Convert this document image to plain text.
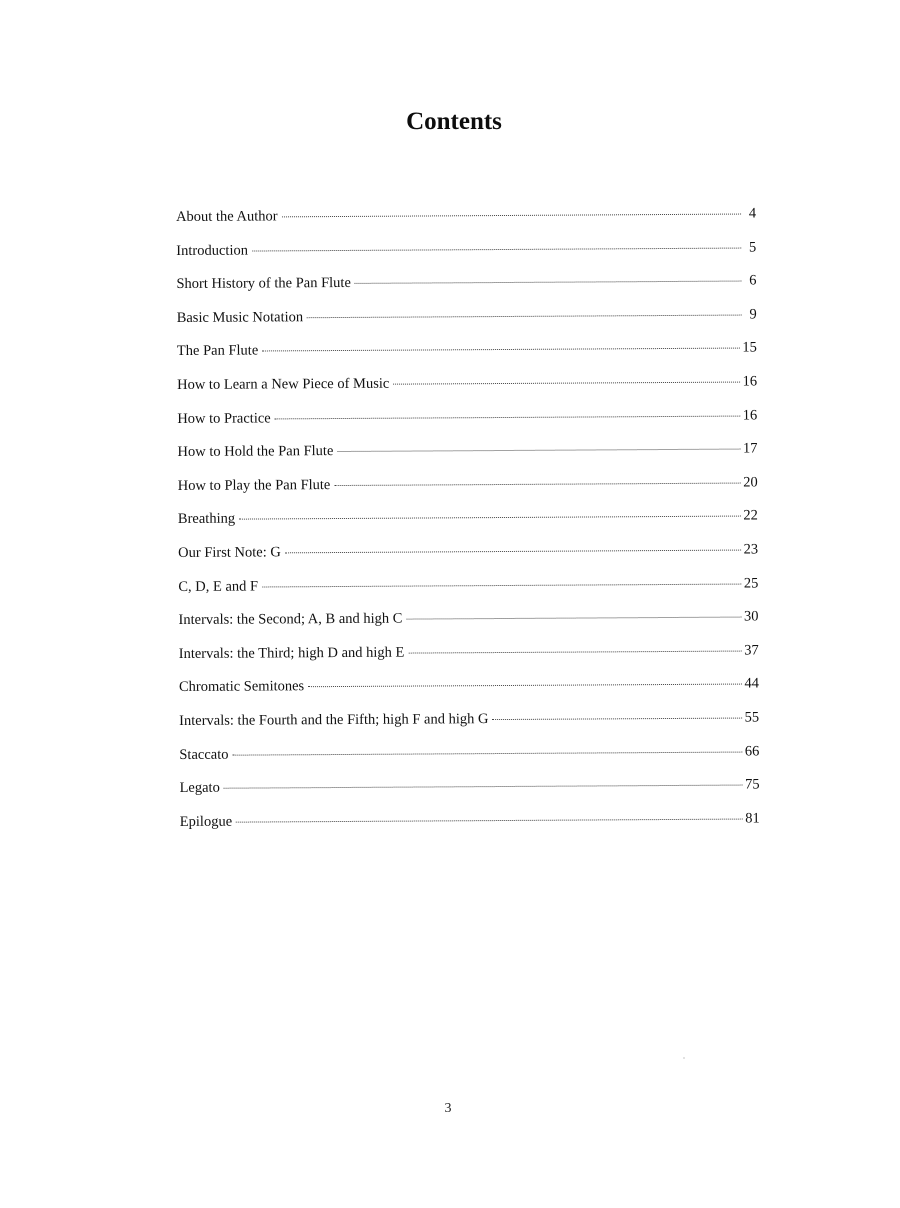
Contents
About the Author	4
Introduction	5
Short History of the Pan Flute	6
Basic Music Notation	9
The Pan Flute	15
How to Learn a New Piece of Music	16
How to Practice	16
How to Hold the Pan Flute	17
How to Play the Pan Flute	20
Breathing	22
Our First Note: G	23
C, D, E and F	25
Intervals: the Second; A, B and high C	30
Intervals: the Third; high D and high E	37
Chromatic Semitones	44
Intervals: the Fourth and the Fifth; high F and high G	55
Staccato	66
Legato	75
Epilogue	81
3
